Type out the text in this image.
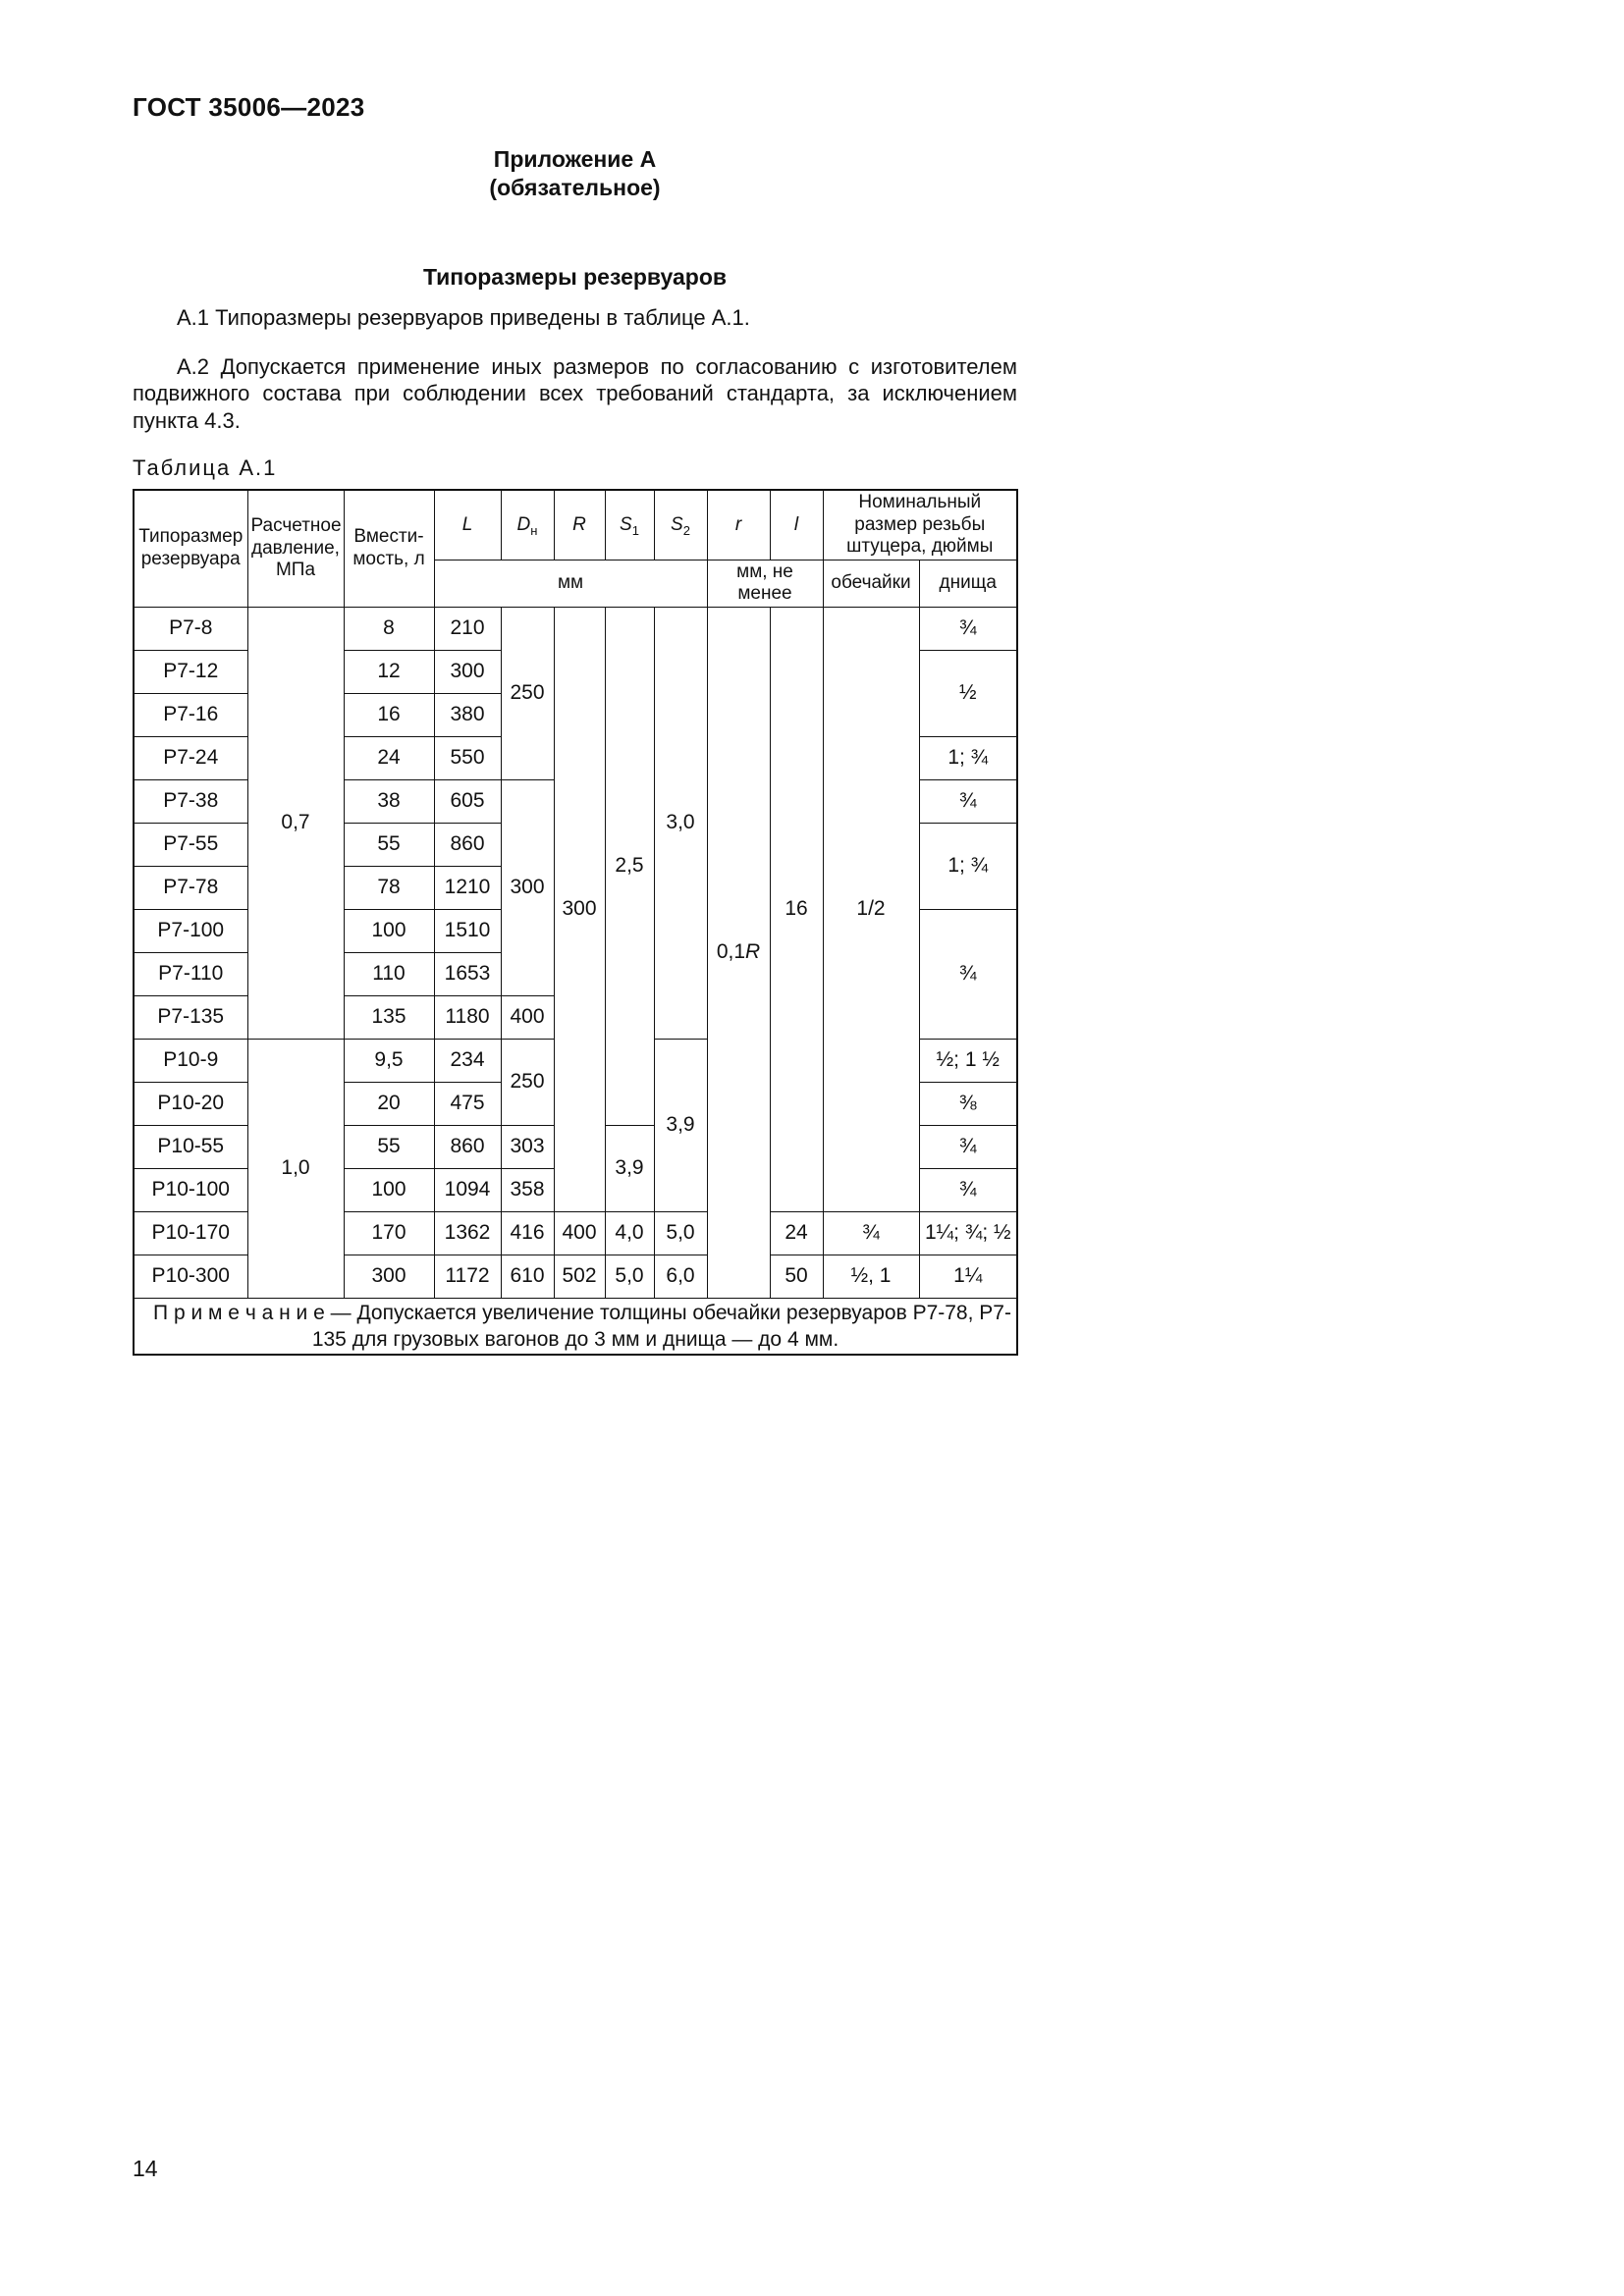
ГОСТ 35006—2023
Приложение А
(обязательное)
Типоразмеры резервуаров

А.1 Типоразмеры резервуаров приведены в таблице А.1.

А.2 Допускается применение иных размеров по согласованию с изготовителем подвижного состава при соблюдении всех требований стандарта, за исключением пункта 4.3.

Таблица А.1
Типоразмер резервуара	Расчетное давление, МПа	Вмести-мость, л	L	$D_н$	R	$S_1$	$S_2$	r	l	Номинальный размер резьбы штуцера, дюймы	
			мм					мм, не менее		обечайки	днища
Р7-8	0,7	8	210	250	300	2,5	3,0	0,1R	16	1/2	¾
Р7-12		12	300								½
Р7-16		16	380								
Р7-24		24	550								1; ¾
Р7-38		38	605	300							¾
Р7-55		55	860								1; ¾
Р7-78		78	1210								
Р7-100		100	1510								¾
Р7-110		110	1653								
Р7-135		135	1180	400							
Р10-9	1,0	9,5	234	250			3,9				½; 1 ½
Р10-20		20	475								⅜
Р10-55		55	860	303		3,9					¾
Р10-100		100	1094	358							¾
Р10-170		170	1362	416	400	4,0	5,0		24	¾	1¼; ¾; ½
Р10-300		300	1172	610	502	5,0	6,0		50	½, 1	1¼
П р и м е ч а н и е — Допускается увеличение толщины обечайки резервуаров Р7-78, Р7-135 для грузовых вагонов до 3 мм и днища — до 4 мм.											
14
